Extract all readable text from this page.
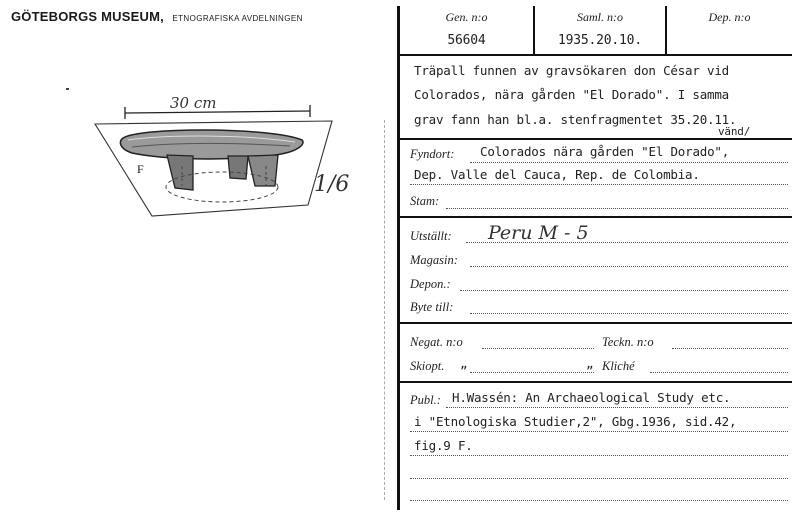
GÖTEBORGS MUSEUM, ETNOGRAFISKA AVDELNINGEN
30 cm
F
1/6
Gen. n:o
56604
Saml. n:o
1935.20.10.
Dep. n:o
Träpall funnen av gravsökaren don César vid
Colorados, nära gården "El Dorado". I samma
grav fann han bl.a. stenfragmentet 35.20.11.
vänd/
Fyndort: Colorados nära gården "El Dorado",
Dep. Valle del Cauca, Rep. de Colombia.
Stam:
Utställt: Peru M - 5
Magasin:
Depon.:
Byte till:
Negat. n:o	Teckn. n:o
Skiopt. „	Kliché
„
Publ.: H.Wassén: An Archaeological Study etc.
i "Etnologiska Studier,2", Gbg.1936, sid.42,
fig.9 F.
